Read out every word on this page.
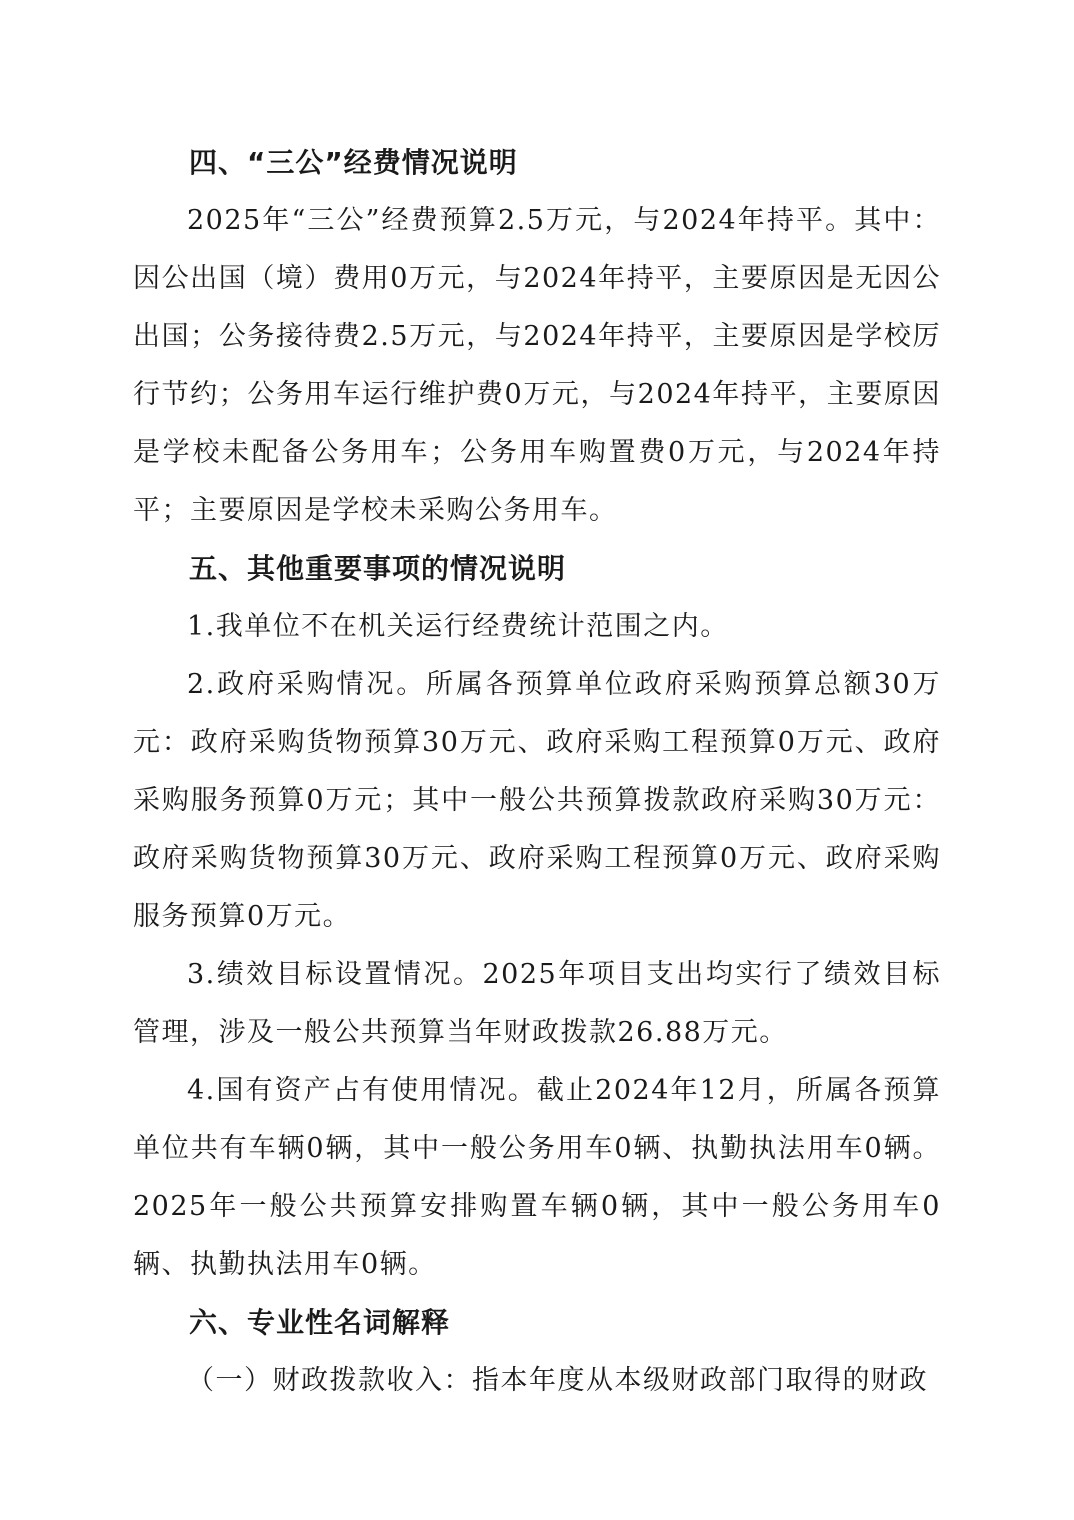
四、“三公”经费情况说明

2025年“三公”经费预算2.5万元，与2024年持平。其中：因公出国（境）费用0万元，与2024年持平，主要原因是无因公出国；公务接待费2.5万元，与2024年持平，主要原因是学校厉行节约；公务用车运行维护费0万元，与2024年持平，主要原因是学校未配备公务用车；公务用车购置费0万元，与2024年持平；主要原因是学校未采购公务用车。

五、其他重要事项的情况说明

1.我单位不在机关运行经费统计范围之内。

2.政府采购情况。所属各预算单位政府采购预算总额30万元：政府采购货物预算30万元、政府采购工程预算0万元、政府采购服务预算0万元；其中一般公共预算拨款政府采购30万元：政府采购货物预算30万元、政府采购工程预算0万元、政府采购服务预算0万元。

3.绩效目标设置情况。2025年项目支出均实行了绩效目标管理，涉及一般公共预算当年财政拨款26.88万元。

4.国有资产占有使用情况。截止2024年12月，所属各预算单位共有车辆0辆，其中一般公务用车0辆、执勤执法用车0辆。2025年一般公共预算安排购置车辆0辆，其中一般公务用车0辆、执勤执法用车0辆。

六、专业性名词解释

（一）财政拨款收入：指本年度从本级财政部门取得的财政
